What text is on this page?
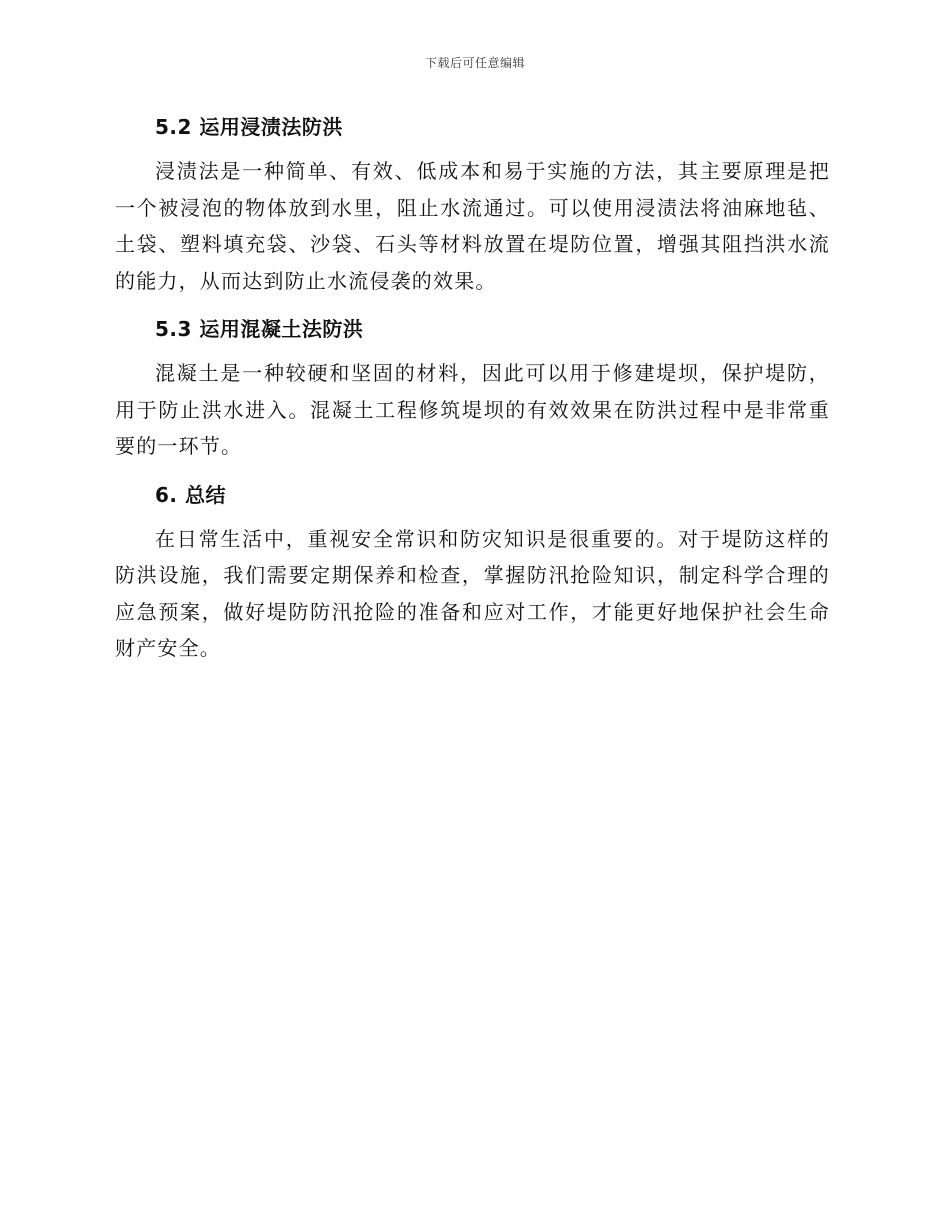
下载后可任意编辑

5.2 运用浸渍法防洪

浸渍法是一种简单、有效、低成本和易于实施的方法，其主要原理是把一个被浸泡的物体放到水里，阻止水流通过。可以使用浸渍法将油麻地毡、土袋、塑料填充袋、沙袋、石头等材料放置在堤防位置，增强其阻挡洪水流的能力，从而达到防止水流侵袭的效果。

5.3 运用混凝土法防洪

混凝土是一种较硬和坚固的材料，因此可以用于修建堤坝，保护堤防，用于防止洪水进入。混凝土工程修筑堤坝的有效效果在防洪过程中是非常重要的一环节。

6. 总结

在日常生活中，重视安全常识和防灾知识是很重要的。对于堤防这样的防洪设施，我们需要定期保养和检查，掌握防汛抢险知识，制定科学合理的应急预案，做好堤防防汛抢险的准备和应对工作，才能更好地保护社会生命财产安全。
